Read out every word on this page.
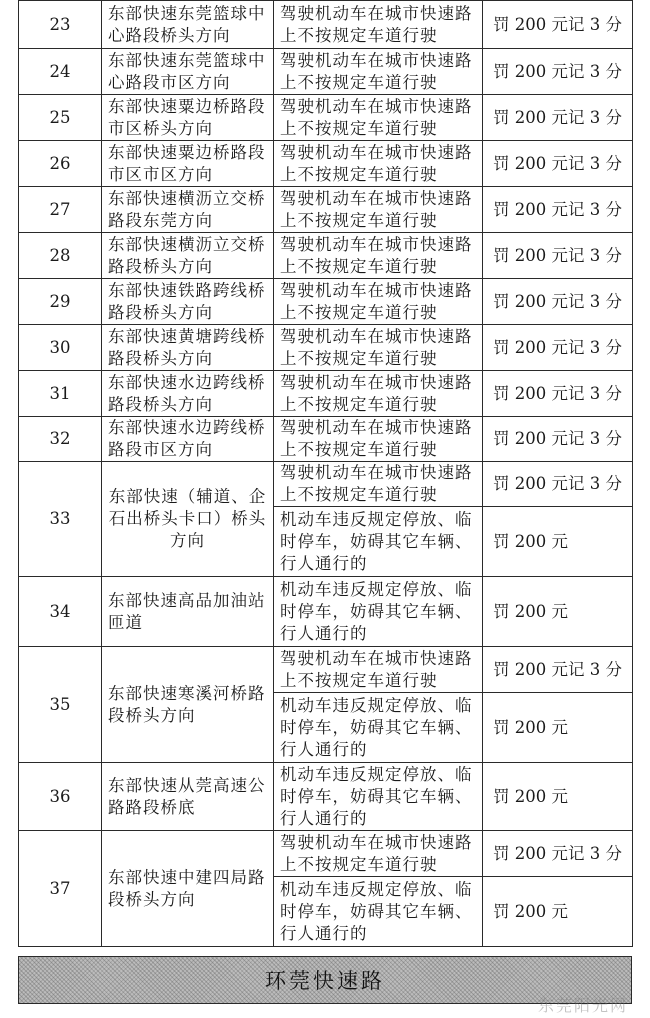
23	东部快速东莞篮球中心路段桥头方向	驾驶机动车在城市快速路上不按规定车道行驶	罚 200 元记 3 分
24	东部快速东莞篮球中心路段市区方向	驾驶机动车在城市快速路上不按规定车道行驶	罚 200 元记 3 分
25	东部快速粟边桥路段市区桥头方向	驾驶机动车在城市快速路上不按规定车道行驶	罚 200 元记 3 分
26	东部快速粟边桥路段市区市区方向	驾驶机动车在城市快速路上不按规定车道行驶	罚 200 元记 3 分
27	东部快速横沥立交桥路段东莞方向	驾驶机动车在城市快速路上不按规定车道行驶	罚 200 元记 3 分
28	东部快速横沥立交桥路段桥头方向	驾驶机动车在城市快速路上不按规定车道行驶	罚 200 元记 3 分
29	东部快速铁路跨线桥路段桥头方向	驾驶机动车在城市快速路上不按规定车道行驶	罚 200 元记 3 分
30	东部快速黄塘跨线桥路段桥头方向	驾驶机动车在城市快速路上不按规定车道行驶	罚 200 元记 3 分
31	东部快速水边跨线桥路段桥头方向	驾驶机动车在城市快速路上不按规定车道行驶	罚 200 元记 3 分
32	东部快速水边跨线桥路段市区方向	驾驶机动车在城市快速路上不按规定车道行驶	罚 200 元记 3 分
33	东部快速（辅道、企石出桥头卡口）桥头方向	驾驶机动车在城市快速路上不按规定车道行驶	罚 200 元记 3 分
		机动车违反规定停放、临时停车，妨碍其它车辆、行人通行的	罚 200 元
34	东部快速高品加油站匝道	机动车违反规定停放、临时停车，妨碍其它车辆、行人通行的	罚 200 元
35	东部快速寒溪河桥路段桥头方向	驾驶机动车在城市快速路上不按规定车道行驶	罚 200 元记 3 分
		机动车违反规定停放、临时停车，妨碍其它车辆、行人通行的	罚 200 元
36	东部快速从莞高速公路路段桥底	机动车违反规定停放、临时停车，妨碍其它车辆、行人通行的	罚 200 元
37	东部快速中建四局路段桥头方向	驾驶机动车在城市快速路上不按规定车道行驶	罚 200 元记 3 分
		机动车违反规定停放、临时停车，妨碍其它车辆、行人通行的	罚 200 元
环莞快速路
东莞阳光网
